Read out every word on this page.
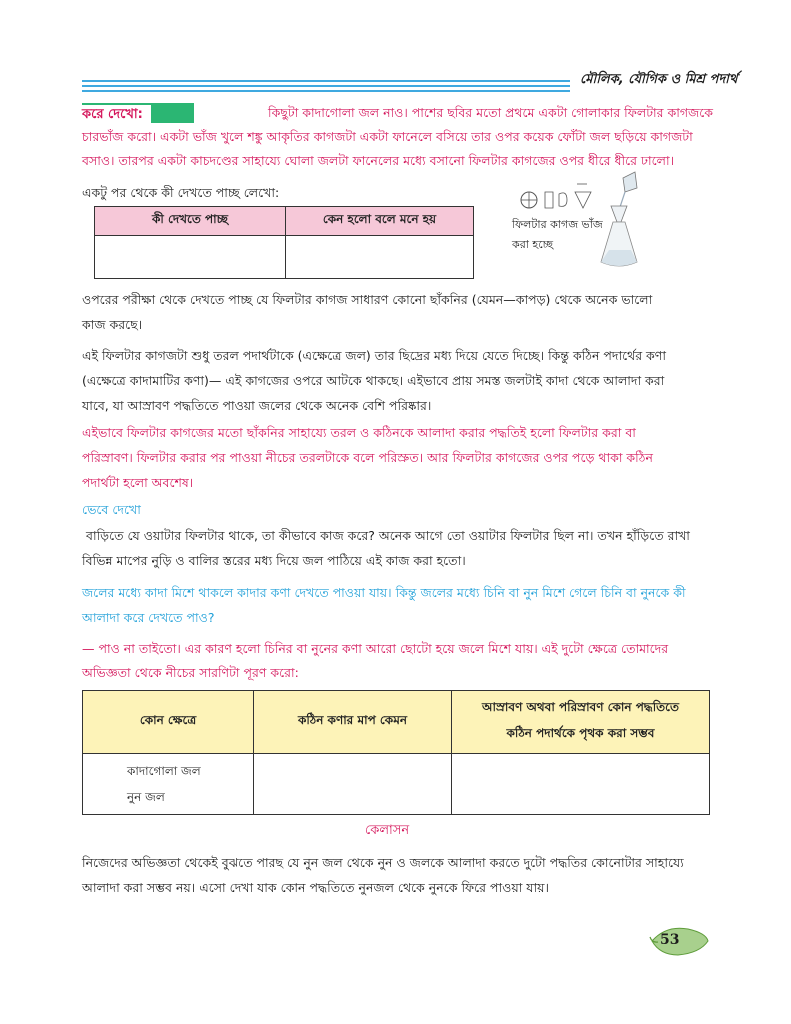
মৌলিক, যৌগিক ও মিশ্র পদার্থ
করে দেখো:	কিছুটা কাদাগোলা জল নাও। পাশের ছবির মতো প্রথমে একটা গোলাকার ফিলটার কাগজকে

চারভাঁজ করো। একটা ভাঁজ খুলে শঙ্কু আকৃতির কাগজটা একটা ফানেলে বসিয়ে তার ওপর কয়েক ফোঁটা জল ছড়িয়ে কাগজটা

বসাও। তারপর একটা কাচদণ্ডের সাহায্যে ঘোলা জলটা ফানেলের মধ্যে বসানো ফিলটার কাগজের ওপর ধীরে ধীরে ঢালো।

একটু পর থেকে কী দেখতে পাচ্ছ লেখো:

কী দেখতে পাচ্ছ	কেন হলো বলে মনে হয়
		ফিলটার কাগজ ভাঁজ

করা হচ্ছে

ওপরের পরীক্ষা থেকে দেখতে পাচ্ছ যে ফিলটার কাগজ সাধারণ কোনো ছাঁকনির (যেমন—কাপড়) থেকে অনেক ভালো

কাজ করছে।

এই ফিলটার কাগজটা শুধু তরল পদার্থটাকে (এক্ষেত্রে জল) তার ছিদ্রের মধ্য দিয়ে যেতে দিচ্ছে। কিন্তু কঠিন পদার্থের কণা

(এক্ষেত্রে কাদামাটির কণা)— এই কাগজের ওপরে আটকে থাকছে। এইভাবে প্রায় সমস্ত জলটাই কাদা থেকে আলাদা করা

যাবে, যা আস্রাবণ পদ্ধতিতে পাওয়া জলের থেকে অনেক বেশি পরিষ্কার।

এইভাবে ফিলটার কাগজের মতো ছাঁকনির সাহায্যে তরল ও কঠিনকে আলাদা করার পদ্ধতিই হলো ফিলটার করা বা

পরিস্রাবণ। ফিলটার করার পর পাওয়া নীচের তরলটাকে বলে পরিস্রুত। আর ফিলটার কাগজের ওপর পড়ে থাকা কঠিন

পদার্থটা হলো অবশেষ।

ভেবে দেখো

বাড়িতে যে ওয়াটার ফিলটার থাকে, তা কীভাবে কাজ করে? অনেক আগে তো ওয়াটার ফিলটার ছিল না। তখন হাঁড়িতে রাখা

বিভিন্ন মাপের নুড়ি ও বালির স্তরের মধ্য দিয়ে জল পাঠিয়ে এই কাজ করা হতো।

জলের মধ্যে কাদা মিশে থাকলে কাদার কণা দেখতে পাওয়া যায়। কিন্তু জলের মধ্যে চিনি বা নুন মিশে গেলে চিনি বা নুনকে কী

আলাদা করে দেখতে পাও?

— পাও না তাইতো। এর কারণ হলো চিনির বা নুনের কণা আরো ছোটো হয়ে জলে মিশে যায়। এই দুটো ক্ষেত্রে তোমাদের

অভিজ্ঞতা থেকে নীচের সারণিটা পূরণ করো:

কোন ক্ষেত্রে	কঠিন কণার মাপ কেমন	আস্রাবণ অথবা পরিস্রাবণ কোন পদ্ধতিতে
কঠিন পদার্থকে পৃথক করা সম্ভব

কাদাগোলা জল
নুন জল		

কেলাসন

নিজেদের অভিজ্ঞতা থেকেই বুঝতে পারছ যে নুন জল থেকে নুন ও জলকে আলাদা করতে দুটো পদ্ধতির কোনোটার সাহায্যে

আলাদা করা সম্ভব নয়। এসো দেখা যাক কোন পদ্ধতিতে নুনজল থেকে নুনকে ফিরে পাওয়া যায়।

53
